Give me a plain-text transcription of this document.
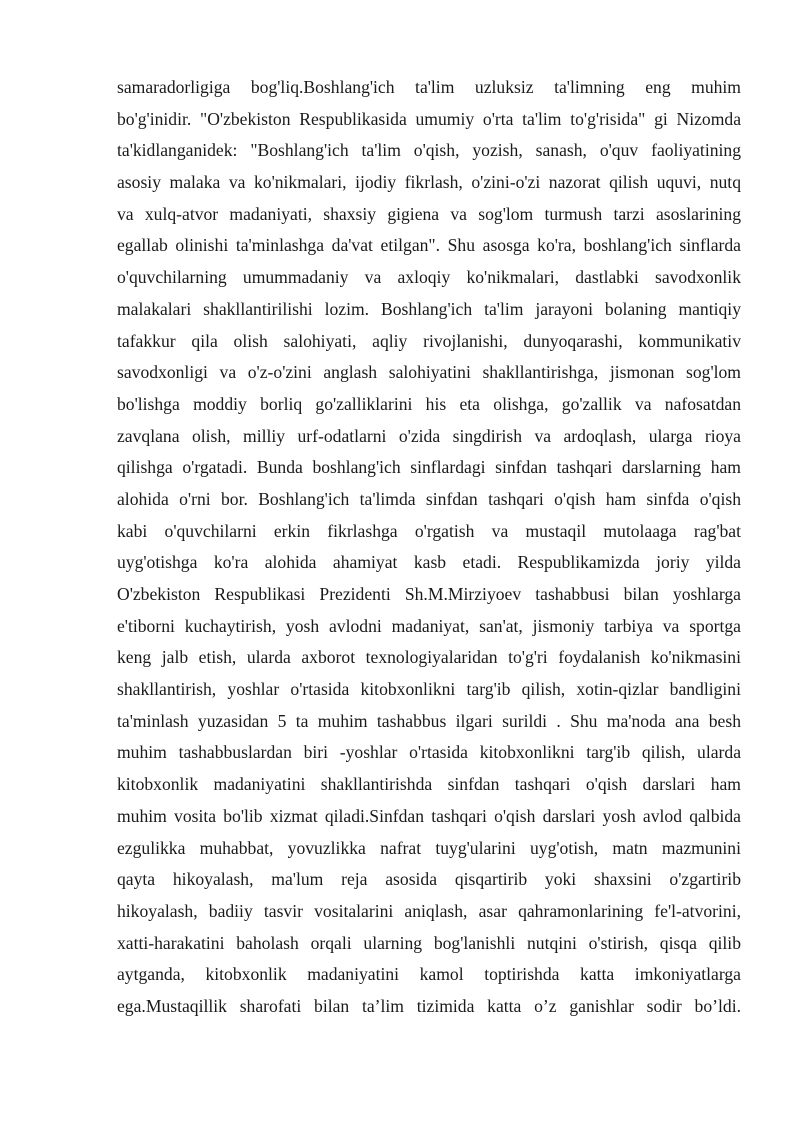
samaradorligiga bog'liq.Boshlang'ich ta'lim uzluksiz ta'limning eng muhim
bo'g'inidir. "O'zbekiston Respublikasida umumiy o'rta ta'lim to'g'risida" gi Nizomda
ta'kidlanganidek: "Boshlang'ich ta'lim o'qish, yozish, sanash, o'quv faoliyatining
asosiy malaka va ko'nikmalari, ijodiy fikrlash, o'zini-o'zi nazorat qilish uquvi, nutq
va xulq-atvor madaniyati, shaxsiy gigiena va sog'lom turmush tarzi asoslarining
egallab olinishi ta'minlashga da'vat etilgan". Shu asosga ko'ra, boshlang'ich sinflarda
o'quvchilarning umummadaniy va axloqiy ko'nikmalari, dastlabki savodxonlik
malakalari shakllantirilishi lozim. Boshlang'ich ta'lim jarayoni bolaning mantiqiy
tafakkur qila olish salohiyati, aqliy rivojlanishi, dunyoqarashi, kommunikativ
savodxonligi va o'z-o'zini anglash salohiyatini shakllantirishga, jismonan sog'lom
bo'lishga moddiy borliq go'zalliklarini his eta olishga, go'zallik va nafosatdan
zavqlana olish, milliy urf-odatlarni o'zida singdirish va ardoqlash, ularga rioya
qilishga o'rgatadi. Bunda boshlang'ich sinflardagi sinfdan tashqari darslarning ham
alohida o'rni bor. Boshlang'ich ta'limda sinfdan tashqari o'qish ham sinfda o'qish
kabi o'quvchilarni erkin fikrlashga o'rgatish va mustaqil mutolaaga rag'bat
uyg'otishga ko'ra alohida ahamiyat kasb etadi. Respublikamizda joriy yilda
O'zbekiston Respublikasi Prezidenti Sh.M.Mirziyoev tashabbusi bilan yoshlarga
e'tiborni kuchaytirish, yosh avlodni madaniyat, san'at, jismoniy tarbiya va sportga
keng jalb etish, ularda axborot texnologiyalaridan to'g'ri foydalanish ko'nikmasini
shakllantirish, yoshlar o'rtasida kitobxonlikni targ'ib qilish, xotin-qizlar bandligini
ta'minlash yuzasidan 5 ta muhim tashabbus ilgari surildi . Shu ma'noda ana besh
muhim tashabbuslardan biri -yoshlar o'rtasida kitobxonlikni targ'ib qilish, ularda
kitobxonlik madaniyatini shakllantirishda sinfdan tashqari o'qish darslari ham
muhim vosita bo'lib xizmat qiladi.Sinfdan tashqari o'qish darslari yosh avlod qalbida
ezgulikka muhabbat, yovuzlikka nafrat tuyg'ularini uyg'otish, matn mazmunini
qayta hikoyalash, ma'lum reja asosida qisqartirib yoki shaxsini o'zgartirib
hikoyalash, badiiy tasvir vositalarini aniqlash, asar qahramonlarining fe'l-atvorini,
xatti-harakatini baholash orqali ularning bog'lanishli nutqini o'stirish, qisqa qilib
aytganda, kitobxonlik madaniyatini kamol toptirishda katta imkoniyatlarga
ega.Mustaqillik sharofati bilan ta’lim tizimida katta o’z ganishlar sodir bo’ldi.
